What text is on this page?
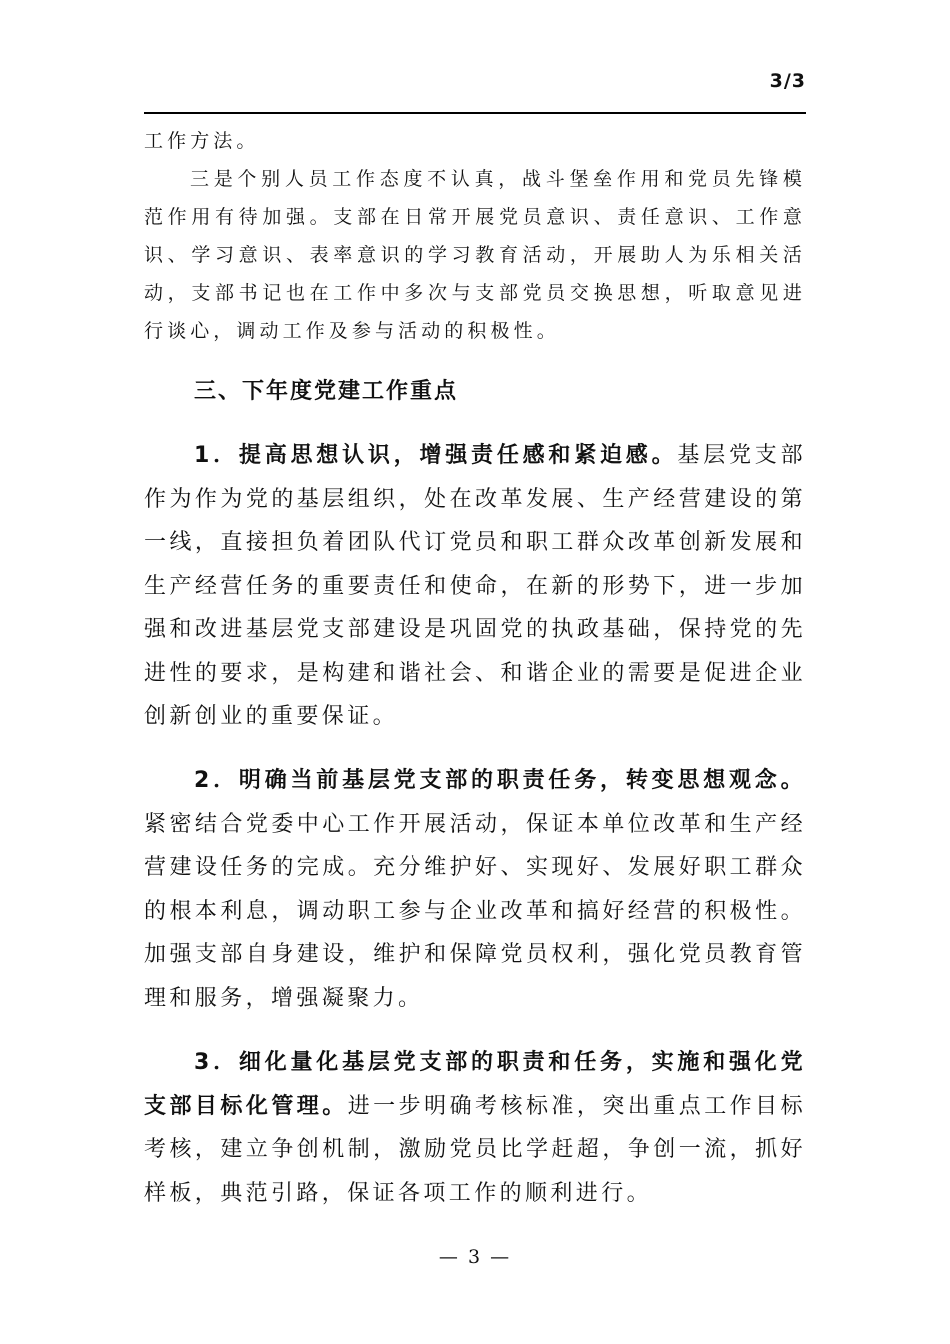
3/3

工作方法。

三是个别人员工作态度不认真，战斗堡垒作用和党员先锋模范作用有待加强。支部在日常开展党员意识、责任意识、工作意识、学习意识、表率意识的学习教育活动，开展助人为乐相关活动，支部书记也在工作中多次与支部党员交换思想，听取意见进行谈心，调动工作及参与活动的积极性。

三、下年度党建工作重点

1．提高思想认识，增强责任感和紧迫感。基层党支部作为作为党的基层组织，处在改革发展、生产经营建设的第一线，直接担负着团队代订党员和职工群众改革创新发展和生产经营任务的重要责任和使命，在新的形势下，进一步加强和改进基层党支部建设是巩固党的执政基础，保持党的先进性的要求，是构建和谐社会、和谐企业的需要是促进企业创新创业的重要保证。

2．明确当前基层党支部的职责任务，转变思想观念。紧密结合党委中心工作开展活动，保证本单位改革和生产经营建设任务的完成。充分维护好、实现好、发展好职工群众的根本利息，调动职工参与企业改革和搞好经营的积极性。加强支部自身建设，维护和保障党员权利，强化党员教育管理和服务，增强凝聚力。

3．细化量化基层党支部的职责和任务，实施和强化党支部目标化管理。进一步明确考核标准，突出重点工作目标考核，建立争创机制，激励党员比学赶超，争创一流，抓好样板，典范引路，保证各项工作的顺利进行。

— 3 —
